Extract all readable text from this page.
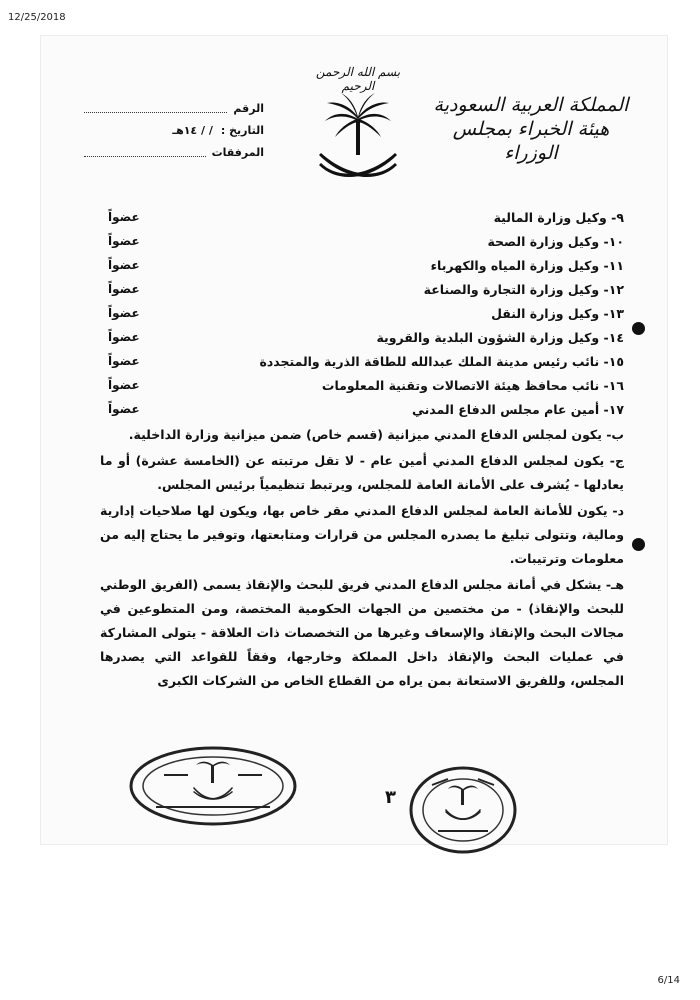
12/25/2018
بسم الله الرحمن الرحيم
المملكة العربية السعودية
هيئة الخبراء بمجلس الوزراء
الرقم
التاريخ :
/ / ١٤هـ
المرفقات
٩- وكيل وزارة المالية
عضواً
١٠- وكيل وزارة الصحة
عضواً
١١- وكيل وزارة المياه والكهرباء
عضواً
١٢- وكيل وزارة التجارة والصناعة
عضواً
١٣- وكيل وزارة النقل
عضواً
١٤- وكيل وزارة الشؤون البلدية والقروية
عضواً
١٥- نائب رئيس مدينة الملك عبدالله للطاقة الذرية والمتجددة
عضواً
١٦- نائب محافظ هيئة الاتصالات وتقنية المعلومات
عضواً
١٧- أمين عام مجلس الدفاع المدني
عضواً

ب- يكون لمجلس الدفاع المدني ميزانية (قسم خاص) ضمن ميزانية وزارة الداخلية.

ج- يكون لمجلس الدفاع المدني أمين عام - لا تقل مرتبته عن (الخامسة عشرة) أو ما يعادلها - يُشرف على الأمانة العامة للمجلس، ويرتبط تنظيمياً برئيس المجلس.

د- يكون للأمانة العامة لمجلس الدفاع المدني مقر خاص بها، ويكون لها صلاحيات إدارية ومالية، وتتولى تبليغ ما يصدره المجلس من قرارات ومتابعتها، وتوفير ما يحتاج إليه من معلومات وترتيبات.

هـ- يشكل في أمانة مجلس الدفاع المدني فريق للبحث والإنقاذ يسمى (الفريق الوطني للبحث والإنقاذ) - من مختصين من الجهات الحكومية المختصة، ومن المتطوعين في مجالات البحث والإنقاذ والإسعاف وغيرها من التخصصات ذات العلاقة - يتولى المشاركة في عمليات البحث والإنقاذ داخل المملكة وخارجها، وفقاً للقواعد التي يصدرها المجلس، وللفريق الاستعانة بمن يراه من القطاع الخاص من الشركات الكبرى

٣
6/14
